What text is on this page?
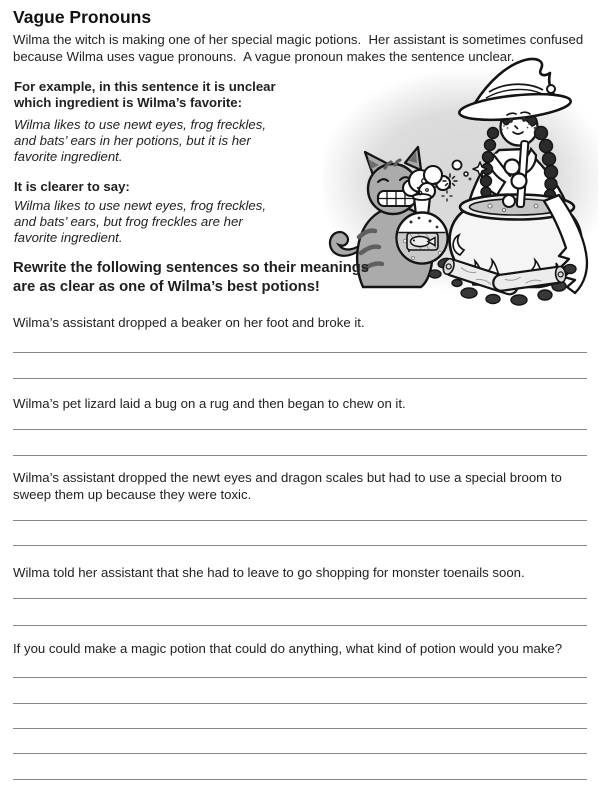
Vague Pronouns
Wilma the witch is making one of her special magic potions.  Her assistant is sometimes confused
because Wilma uses vague pronouns.  A vague pronoun makes the sentence unclear.
For example, in this sentence it is unclear
which ingredient is Wilma’s favorite:
Wilma likes to use newt eyes, frog freckles,
and bats’ ears in her potions, but it is her
favorite ingredient.
It is clearer to say:
Wilma likes to use newt eyes, frog freckles,
and bats’ ears, but frog freckles are her
favorite ingredient.
Rewrite the following sentences so their meanings
are as clear as one of Wilma’s best potions!
Wilma’s assistant dropped a beaker on her foot and broke it.
Wilma’s pet lizard laid a bug on a rug and then began to chew on it.
Wilma’s assistant dropped the newt eyes and dragon scales but had to use a special broom to
sweep them up because they were toxic.
Wilma told her assistant that she had to leave to go shopping for monster toenails soon.
If you could make a magic potion that could do anything, what kind of potion would you make?
